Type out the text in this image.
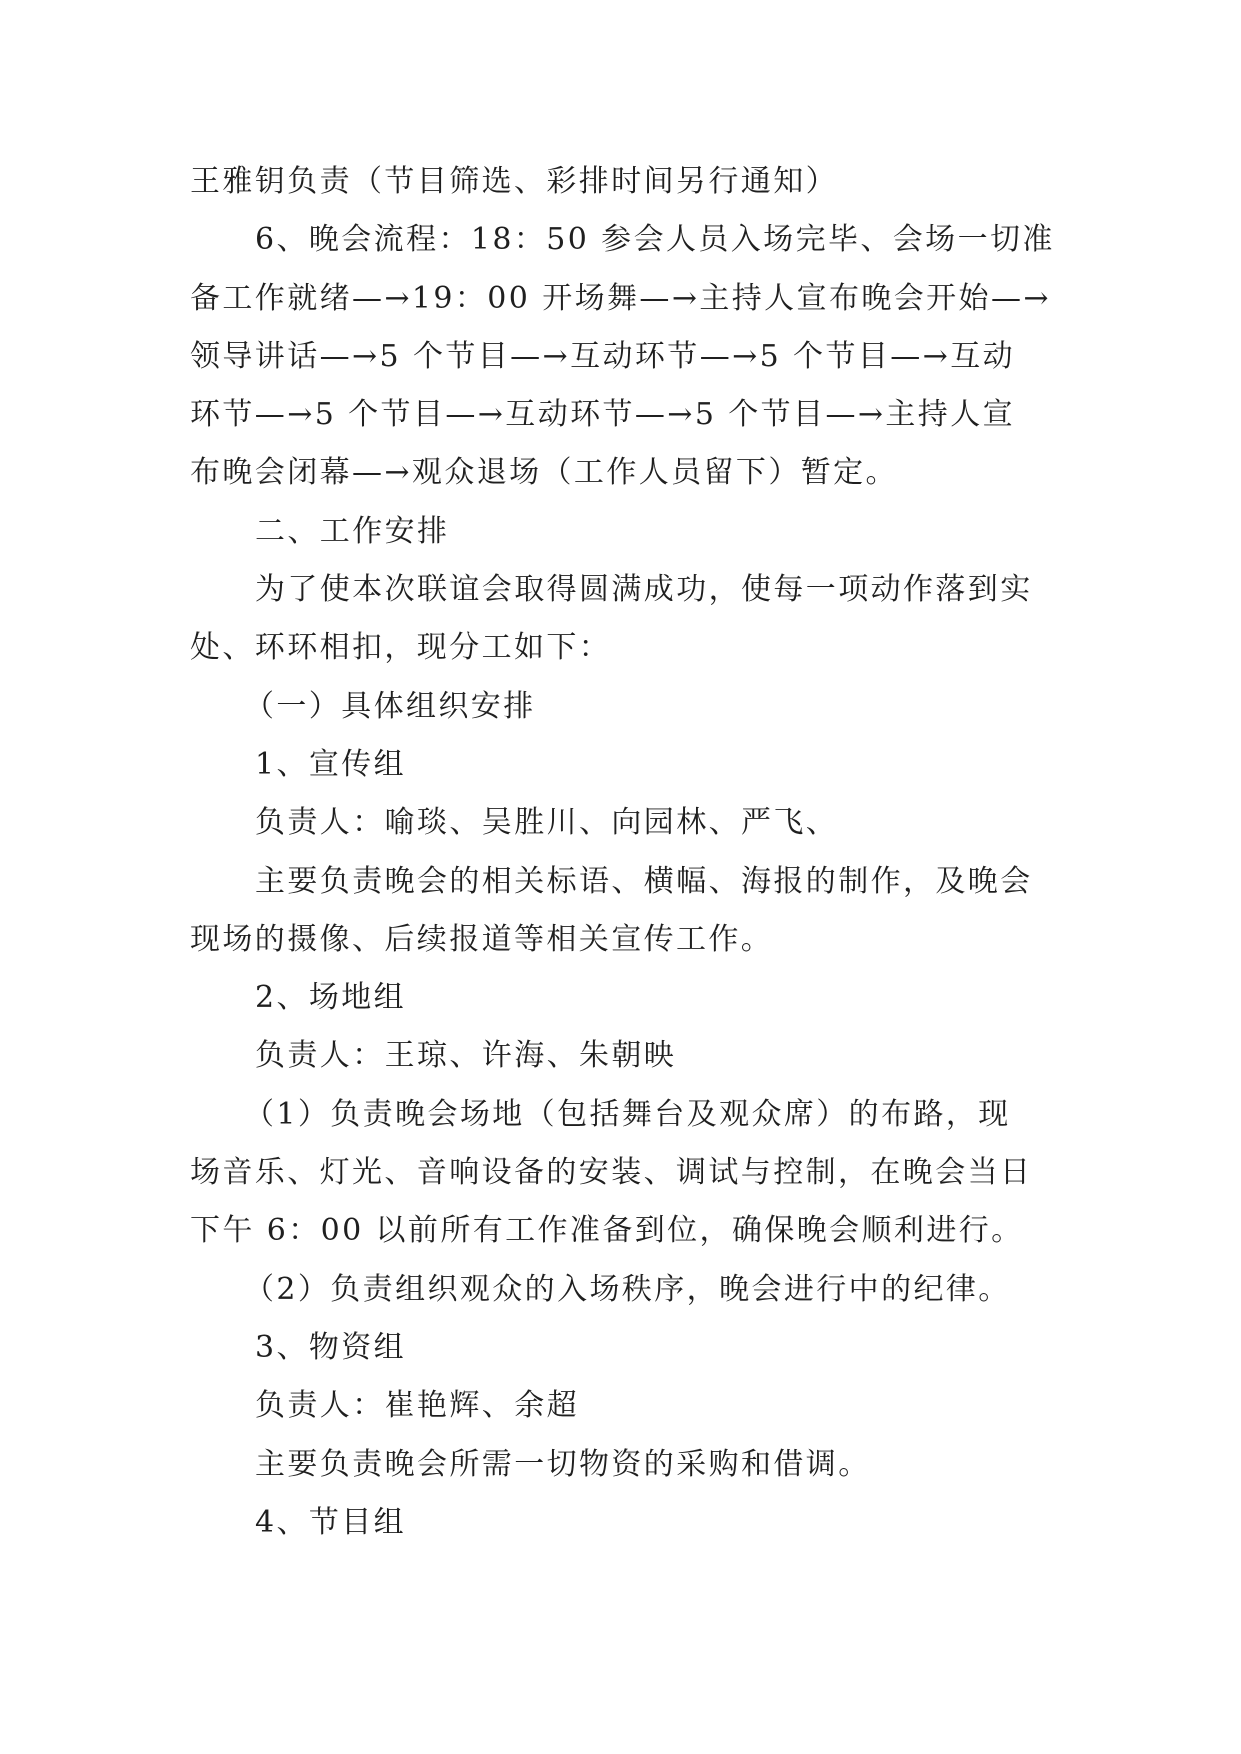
王雅钥负责（节目筛选、彩排时间另行通知）
6、晚会流程：18：50 参会人员入场完毕、会场一切准
备工作就绪—→19：00 开场舞—→主持人宣布晚会开始—→
领导讲话—→5 个节目—→互动环节—→5 个节目—→互动
环节—→5 个节目—→互动环节—→5 个节目—→主持人宣
布晚会闭幕—→观众退场（工作人员留下）暂定。
二、工作安排
为了使本次联谊会取得圆满成功，使每一项动作落到实
处、环环相扣，现分工如下：
（一）具体组织安排
1、宣传组
负责人：喻琰、吴胜川、向园林、严飞、
主要负责晚会的相关标语、横幅、海报的制作，及晚会
现场的摄像、后续报道等相关宣传工作。
2、场地组
负责人：王琼、许海、朱朝映
（1）负责晚会场地（包括舞台及观众席）的布路，现
场音乐、灯光、音响设备的安装、调试与控制，在晚会当日
下午 6：00 以前所有工作准备到位，确保晚会顺利进行。
（2）负责组织观众的入场秩序，晚会进行中的纪律。
3、物资组
负责人：崔艳辉、余超
主要负责晚会所需一切物资的采购和借调。
4、节目组
